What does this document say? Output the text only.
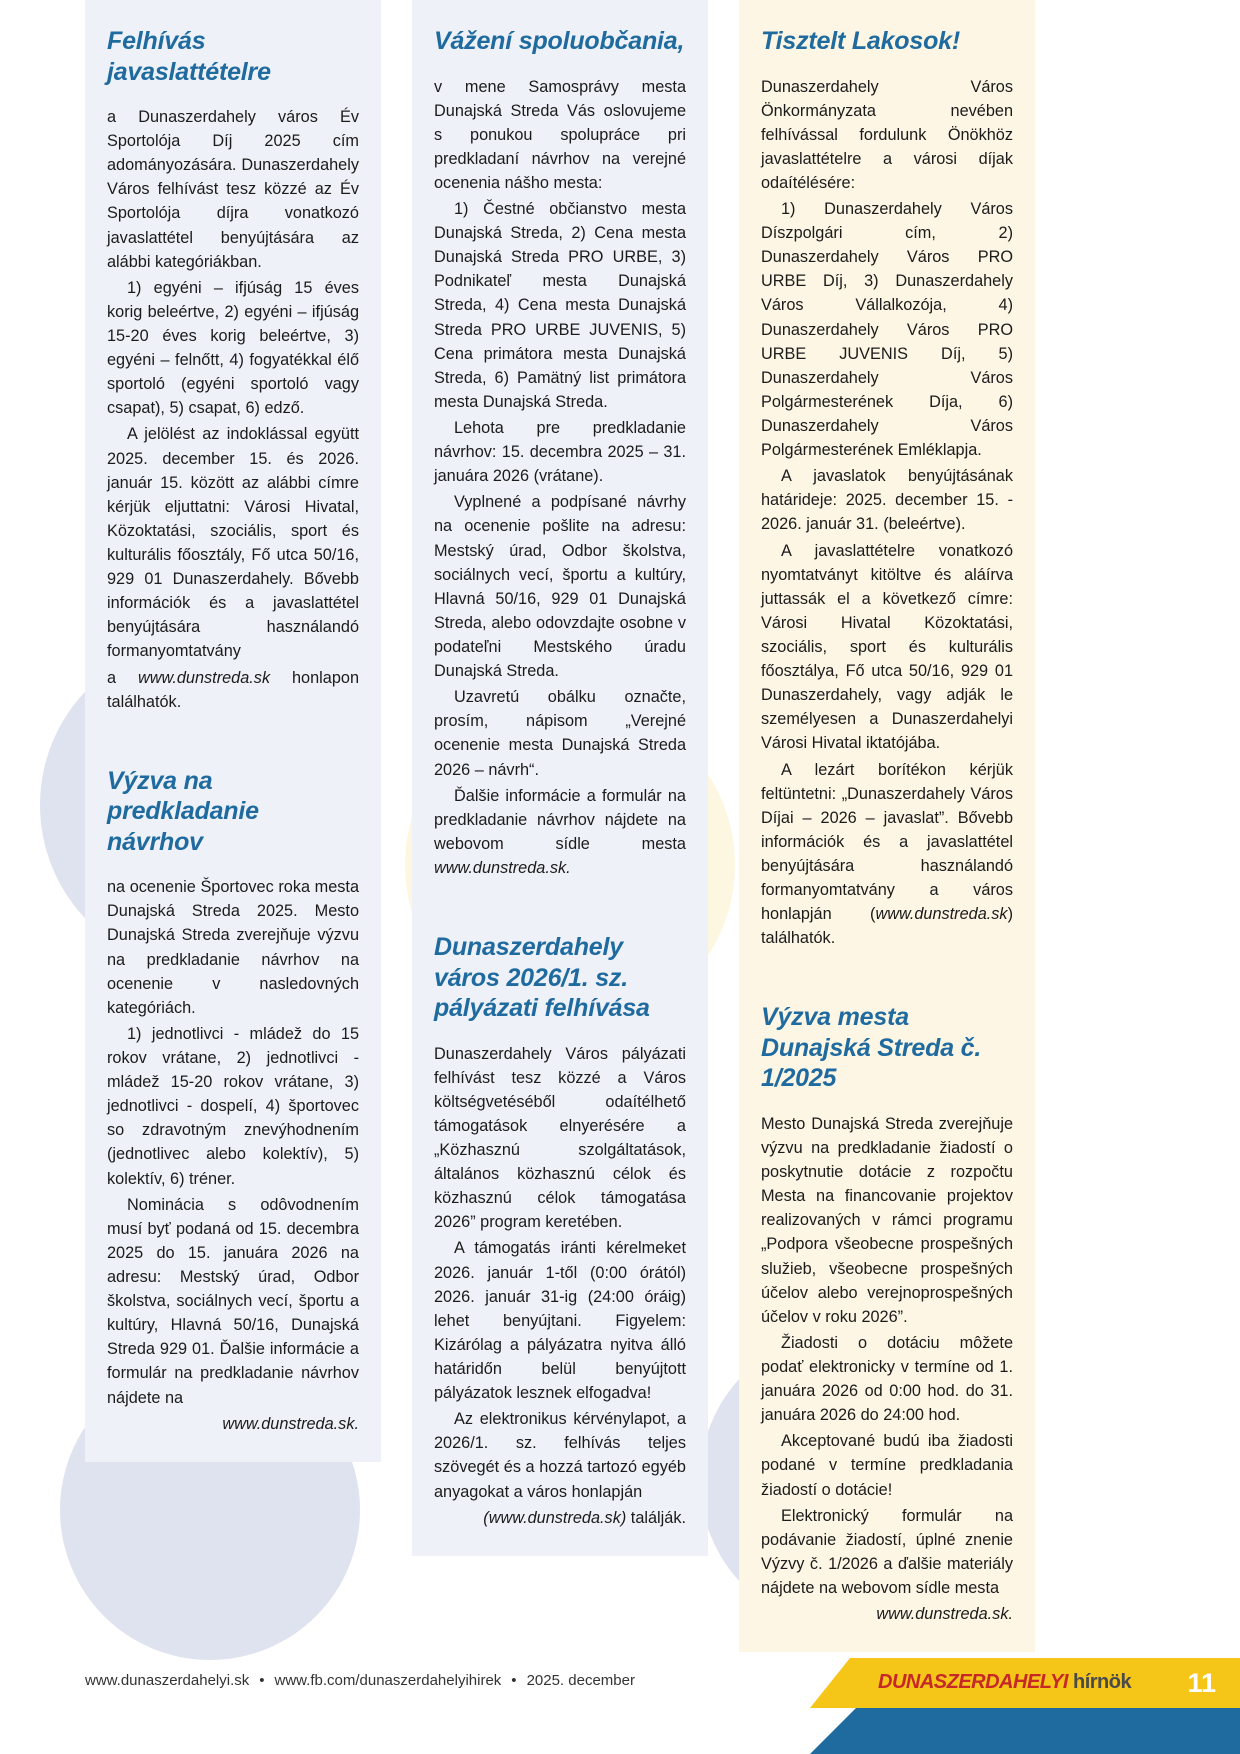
Felhívás javaslattételre

a Dunaszerdahely város Év Sportolója Díj 2025 cím adományozására. Dunaszerdahely Város felhívást tesz közzé az Év Sportolója díjra vonatkozó javaslattétel benyújtására az alábbi kategóriákban.

1) egyéni – ifjúság 15 éves korig beleértve, 2) egyéni – ifjúság 15-20 éves korig beleértve, 3) egyéni – felnőtt, 4) fogyatékkal élő sportoló (egyéni sportoló vagy csapat), 5) csapat, 6) edző.

A jelölést az indoklással együtt 2025. december 15. és 2026. január 15. között az alábbi címre kérjük eljuttatni: Városi Hivatal, Közoktatási, szociális, sport és kulturális főosztály, Fő utca 50/16, 929 01 Dunaszerdahely. Bővebb információk és a javaslattétel benyújtására használandó formanyomtatvány

a www.dunstreda.sk honlapon találhatók.

Výzva na predkladanie návrhov

na ocenenie Športovec roka mesta Dunajská Streda 2025. Mesto Dunajská Streda zverejňuje výzvu na predkladanie návrhov na ocenenie v nasledovných kategóriách.

1) jednotlivci - mládež do 15 rokov vrátane, 2) jednotlivci - mládež 15-20 rokov vrátane, 3) jednotlivci - dospelí, 4) športovec so zdravotným znevýhodnením (jednotlivec alebo kolektív), 5) kolektív, 6) tréner.

Nominácia s odôvodnením musí byť podaná od 15. decembra 2025 do 15. januára 2026 na adresu: Mestský úrad, Odbor školstva, sociálnych vecí, športu a kultúry, Hlavná 50/16, Dunajská Streda 929 01. Ďalšie informácie a formulár na predkladanie návrhov nájdete na

www.dunstreda.sk.

Vážení spoluobčania,

v mene Samosprávy mesta Dunajská Streda Vás oslovujeme s ponukou spolupráce pri predkladaní návrhov na verejné ocenenia nášho mesta:

1) Čestné občianstvo mesta Dunajská Streda, 2) Cena mesta Dunajská Streda PRO URBE, 3) Podnikateľ mesta Dunajská Streda, 4) Cena mesta Dunajská Streda PRO URBE JUVENIS, 5) Cena primátora mesta Dunajská Streda, 6) Pamätný list primátora mesta Dunajská Streda.

Lehota pre predkladanie návrhov: 15. decembra 2025 – 31. januára 2026 (vrátane).

Vyplnené a podpísané návrhy na ocenenie pošlite na adresu: Mestský úrad, Odbor školstva, sociálnych vecí, športu a kultúry, Hlavná 50/16, 929 01 Dunajská Streda, alebo odovzdajte osobne v podateľni Mestského úradu Dunajská Streda.

Uzavretú obálku označte, prosím, nápisom „Verejné ocenenie mesta Dunajská Streda 2026 – návrh“.

Ďalšie informácie a formulár na predkladanie návrhov nájdete na webovom sídle mesta www.dunstreda.sk.

Dunaszerdahely város 2026/1. sz. pályázati felhívása

Dunaszerdahely Város pályázati felhívást tesz közzé a Város költségvetéséből odaítélhető támogatások elnyerésére a „Közhasznú szolgáltatások, általános közhasznú célok és közhasznú célok támogatása 2026” program keretében.

A támogatás iránti kérelmeket 2026. január 1-től (0:00 órától) 2026. január 31-ig (24:00 óráig) lehet benyújtani. Figyelem: Kizárólag a pályázatra nyitva álló határidőn belül benyújtott pályázatok lesznek elfogadva!

Az elektronikus kérvénylapot, a 2026/1. sz. felhívás teljes szövegét és a hozzá tartozó egyéb anyagokat a város honlapján

(www.dunstreda.sk) találják.

Tisztelt Lakosok!

Dunaszerdahely Város Önkormányzata nevében felhívással fordulunk Önökhöz javaslattételre a városi díjak odaítélésére:

1) Dunaszerdahely Város Díszpolgári cím, 2) Dunaszerdahely Város PRO URBE Díj, 3) Dunaszerdahely Város Vállalkozója, 4) Dunaszerdahely Város PRO URBE JUVENIS Díj, 5) Dunaszerdahely Város Polgármesterének Díja, 6) Dunaszerdahely Város Polgármesterének Emléklapja.

A javaslatok benyújtásának határideje: 2025. december 15. - 2026. január 31. (beleértve).

A javaslattételre vonatkozó nyomtatványt kitöltve és aláírva juttassák el a következő címre: Városi Hivatal Közoktatási, szociális, sport és kulturális főosztálya, Fő utca 50/16, 929 01 Dunaszerdahely, vagy adják le személyesen a Dunaszerdahelyi Városi Hivatal iktatójába.

A lezárt borítékon kérjük feltüntetni: „Dunaszerdahely Város Díjai – 2026 – javaslat”. Bővebb információk és a javaslattétel benyújtására használandó formanyomtatvány a város honlapján (www.dunstreda.sk) találhatók.

Výzva mesta Dunajská Streda č. 1/2025

Mesto Dunajská Streda zverejňuje výzvu na predkladanie žiadostí o poskytnutie dotácie z rozpočtu Mesta na financovanie projektov realizovaných v rámci programu „Podpora všeobecne prospešných služieb, všeobecne prospešných účelov alebo verejnoprospešných účelov v roku 2026”.

Žiadosti o dotáciu môžete podať elektronicky v termíne od 1. januára 2026 od 0:00 hod. do 31. januára 2026 do 24:00 hod.

Akceptované budú iba žiadosti podané v termíne predkladania žiadostí o dotácie!

Elektronický formulár na podávanie žiadostí, úplné znenie Výzvy č. 1/2026 a ďalšie materiály nájdete na webovom sídle mesta

www.dunstreda.sk.

www.dunaszerdahelyi.sk • www.fb.com/dunaszerdahelyihirek • 2025. december	DUNASZERDAHELYI hírnök 11
